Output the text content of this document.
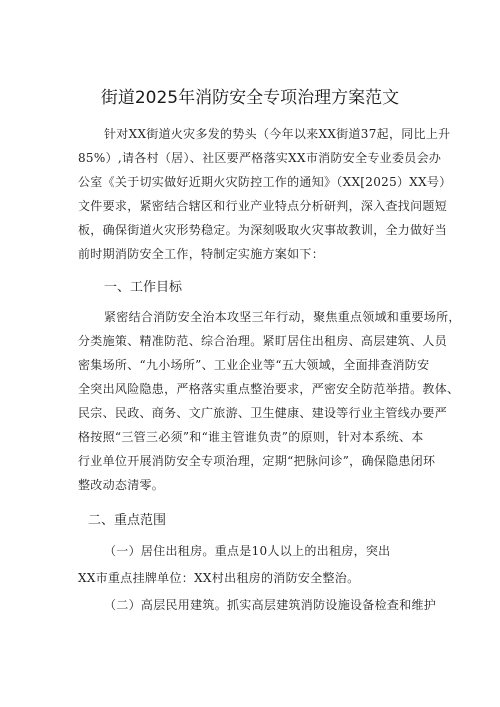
街道2025年消防安全专项治理方案范文
针对XX街道火灾多发的势头（今年以来XX街道37起，同比上升
85%）,请各村（居）、社区要严格落实XX市消防安全专业委员会办
公室《关于切实做好近期火灾防控工作的通知》（XX[2025）XX号）
文件要求，紧密结合辖区和行业产业特点分析研判，深入查找问题短
板，确保街道火灾形势稳定。为深刻吸取火灾事故教训，全力做好当
前时期消防安全工作，特制定实施方案如下：
一、工作目标
紧密结合消防安全治本攻坚三年行动，聚焦重点领域和重要场所，
分类施策、精准防范、综合治理。紧盯居住出租房、高层建筑、人员
密集场所、“九小场所”、工业企业等“五大领域，全面排查消防安
全突出风险隐患，严格落实重点整治要求，严密安全防范举措。教体、
民宗、民政、商务、文广旅游、卫生健康、建设等行业主管线办要严
格按照“三管三必须”和“谁主管谁负责”的原则，针对本系统、本
行业单位开展消防安全专项治理，定期“把脉问诊”，确保隐患闭环
整改动态清零。
二、重点范围
（一）居住出租房。重点是10人以上的出租房，突出
XX市重点挂牌单位：XX村出租房的消防安全整治。
（二）高层民用建筑。抓实高层建筑消防设施设备检查和维护
